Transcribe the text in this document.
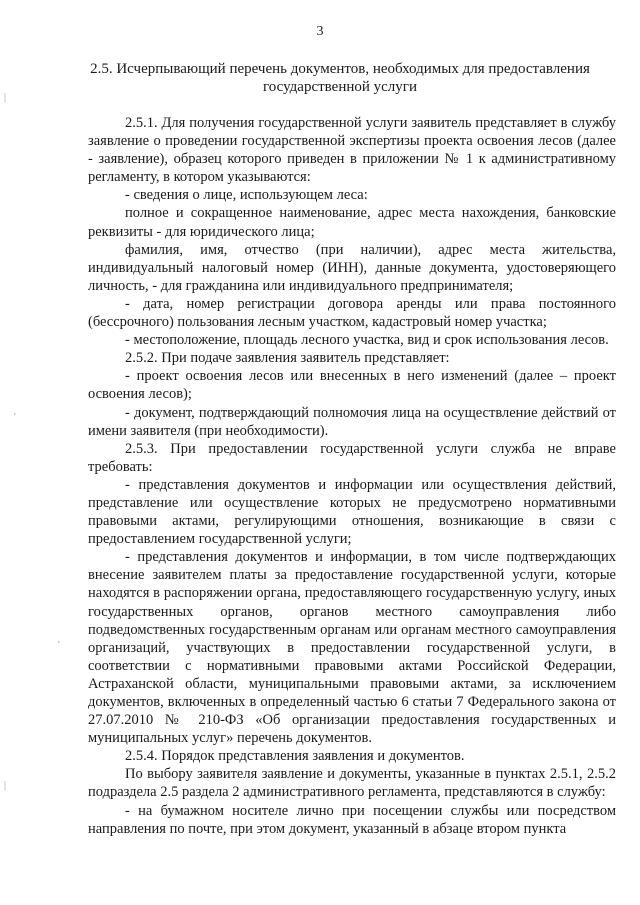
3
2.5. Исчерпывающий перечень документов, необходимых для предоставления государственной услуги

2.5.1. Для получения государственной услуги заявитель представляет в службу заявление о проведении государственной экспертизы проекта освоения лесов (далее - заявление), образец которого приведен в приложении № 1 к административному регламенту, в котором указываются:

- сведения о лице, использующем леса:

полное и сокращенное наименование, адрес места нахождения, банковские реквизиты - для юридического лица;

фамилия, имя, отчество (при наличии), адрес места жительства, индивидуальный налоговый номер (ИНН), данные документа, удостоверяющего личность, - для гражданина или индивидуального предпринимателя;

- дата, номер регистрации договора аренды или права постоянного (бессрочного) пользования лесным участком, кадастровый номер участка;

- местоположение, площадь лесного участка, вид и срок использования лесов.

2.5.2. При подаче заявления заявитель представляет:

- проект освоения лесов или внесенных в него изменений (далее – проект освоения лесов);

- документ, подтверждающий полномочия лица на осуществление действий от имени заявителя (при необходимости).

2.5.3. При предоставлении государственной услуги служба не вправе требовать:

- представления документов и информации или осуществления действий, представление или осуществление которых не предусмотрено нормативными правовыми актами, регулирующими отношения, возникающие в связи с предоставлением государственной услуги;

- представления документов и информации, в том числе подтверждающих внесение заявителем платы за предоставление государственной услуги, которые находятся в распоряжении органа, предоставляющего государственную услугу, иных государственных органов, органов местного самоуправления либо подведомственных государственным органам или органам местного самоуправления организаций, участвующих в предоставлении государственной услуги, в соответствии с нормативными правовыми актами Российской Федерации, Астраханской области, муниципальными правовыми актами, за исключением документов, включенных в определенный частью 6 статьи 7 Федерального закона от 27.07.2010 № 210-ФЗ «Об организации предоставления государственных и муниципальных услуг» перечень документов.

2.5.4. Порядок представления заявления и документов.

По выбору заявителя заявление и документы, указанные в пунктах 2.5.1, 2.5.2 подраздела 2.5 раздела 2 административного регламента, представляются в службу:

- на бумажном носителе лично при посещении службы или посредством направления по почте, при этом документ, указанный в абзаце втором пункта

|
'
'
|
